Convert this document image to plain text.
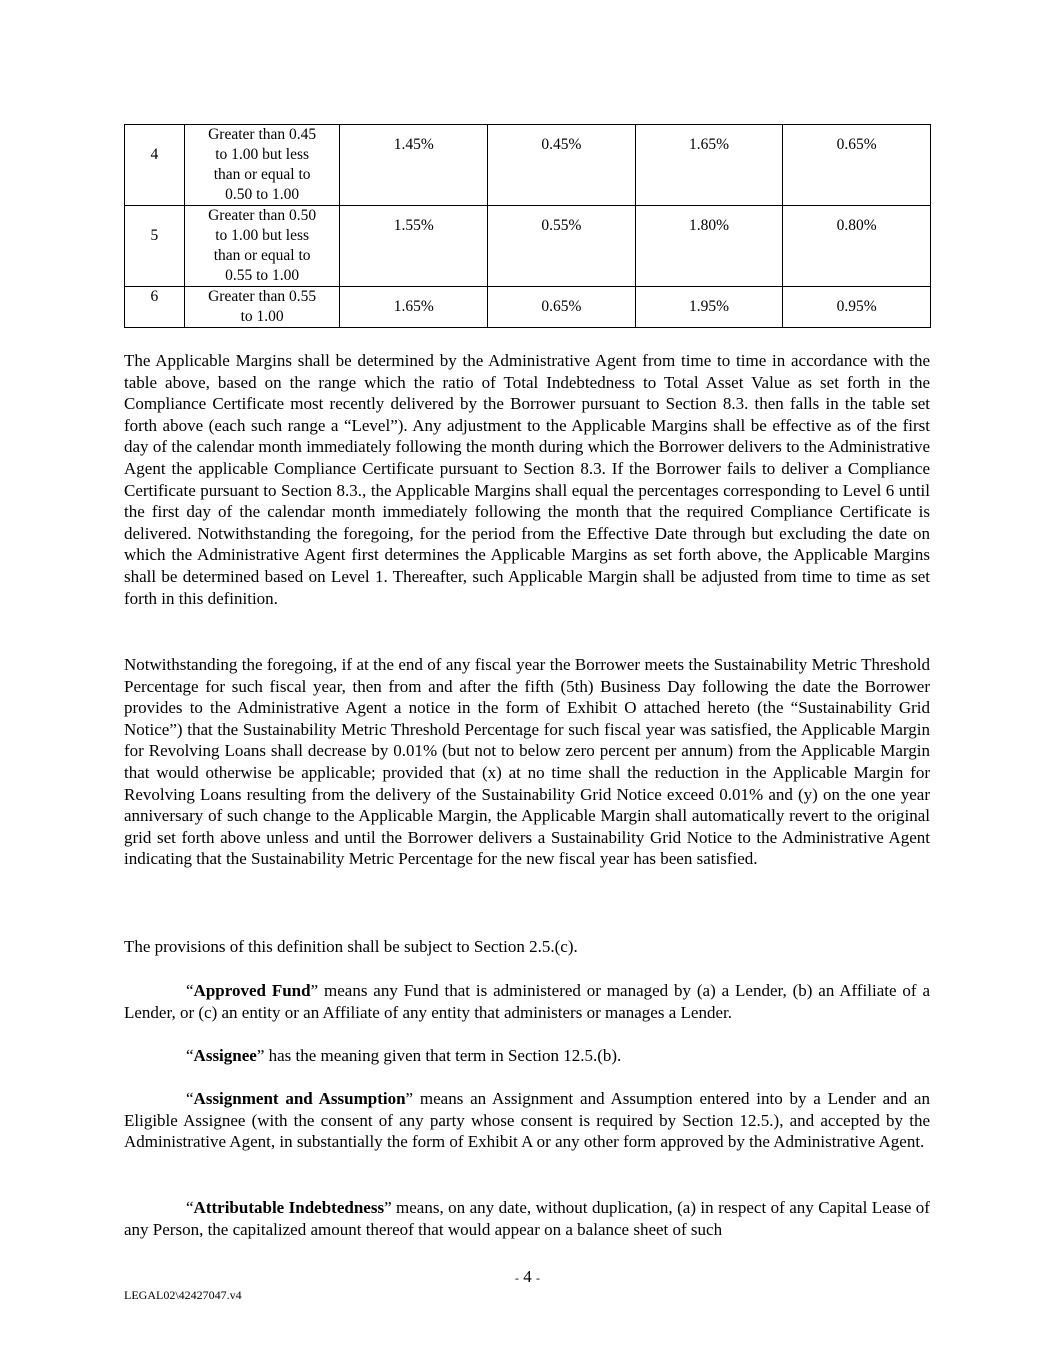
4	Greater than 0.45
to 1.00 but less
than or equal to
0.50 to 1.00	1.45%	0.45%	1.65%	0.65%

5	Greater than 0.50
to 1.00 but less
than or equal to
0.55 to 1.00	1.55%	0.55%	1.80%	0.80%

6	Greater than 0.55
to 1.00	1.65%	0.65%	1.95%	0.95%

The Applicable Margins shall be determined by the Administrative Agent from time to time in accordance with the table above, based on the range which the ratio of Total Indebtedness to Total Asset Value as set forth in the Compliance Certificate most recently delivered by the Borrower pursuant to Section 8.3. then falls in the table set forth above (each such range a “Level”). Any adjustment to the Applicable Margins shall be effective as of the first day of the calendar month immediately following the month during which the Borrower delivers to the Administrative Agent the applicable Compliance Certificate pursuant to Section 8.3. If the Borrower fails to deliver a Compliance Certificate pursuant to Section 8.3., the Applicable Margins shall equal the percentages corresponding to Level 6 until the first day of the calendar month immediately following the month that the required Compliance Certificate is delivered. Notwithstanding the foregoing, for the period from the Effective Date through but excluding the date on which the Administrative Agent first determines the Applicable Margins as set forth above, the Applicable Margins shall be determined based on Level 1. Thereafter, such Applicable Margin shall be adjusted from time to time as set forth in this definition.

Notwithstanding the foregoing, if at the end of any fiscal year the Borrower meets the Sustainability Metric Threshold Percentage for such fiscal year, then from and after the fifth (5th) Business Day following the date the Borrower provides to the Administrative Agent a notice in the form of Exhibit O attached hereto (the “Sustainability Grid Notice”) that the Sustainability Metric Threshold Percentage for such fiscal year was satisfied, the Applicable Margin for Revolving Loans shall decrease by 0.01% (but not to below zero percent per annum) from the Applicable Margin that would otherwise be applicable; provided that (x) at no time shall the reduction in the Applicable Margin for Revolving Loans resulting from the delivery of the Sustainability Grid Notice exceed 0.01% and (y) on the one year anniversary of such change to the Applicable Margin, the Applicable Margin shall automatically revert to the original grid set forth above unless and until the Borrower delivers a Sustainability Grid Notice to the Administrative Agent indicating that the Sustainability Metric Percentage for the new fiscal year has been satisfied.

The provisions of this definition shall be subject to Section 2.5.(c).

“Approved Fund” means any Fund that is administered or managed by (a) a Lender, (b) an Affiliate of a Lender, or (c) an entity or an Affiliate of any entity that administers or manages a Lender.

“Assignee” has the meaning given that term in Section 12.5.(b).

“Assignment and Assumption” means an Assignment and Assumption entered into by a Lender and an Eligible Assignee (with the consent of any party whose consent is required by Section 12.5.), and accepted by the Administrative Agent, in substantially the form of Exhibit A or any other form approved by the Administrative Agent.

“Attributable Indebtedness” means, on any date, without duplication, (a) in respect of any Capital Lease of any Person, the capitalized amount thereof that would appear on a balance sheet of such

- 4 -
LEGAL02\42427047.v4
